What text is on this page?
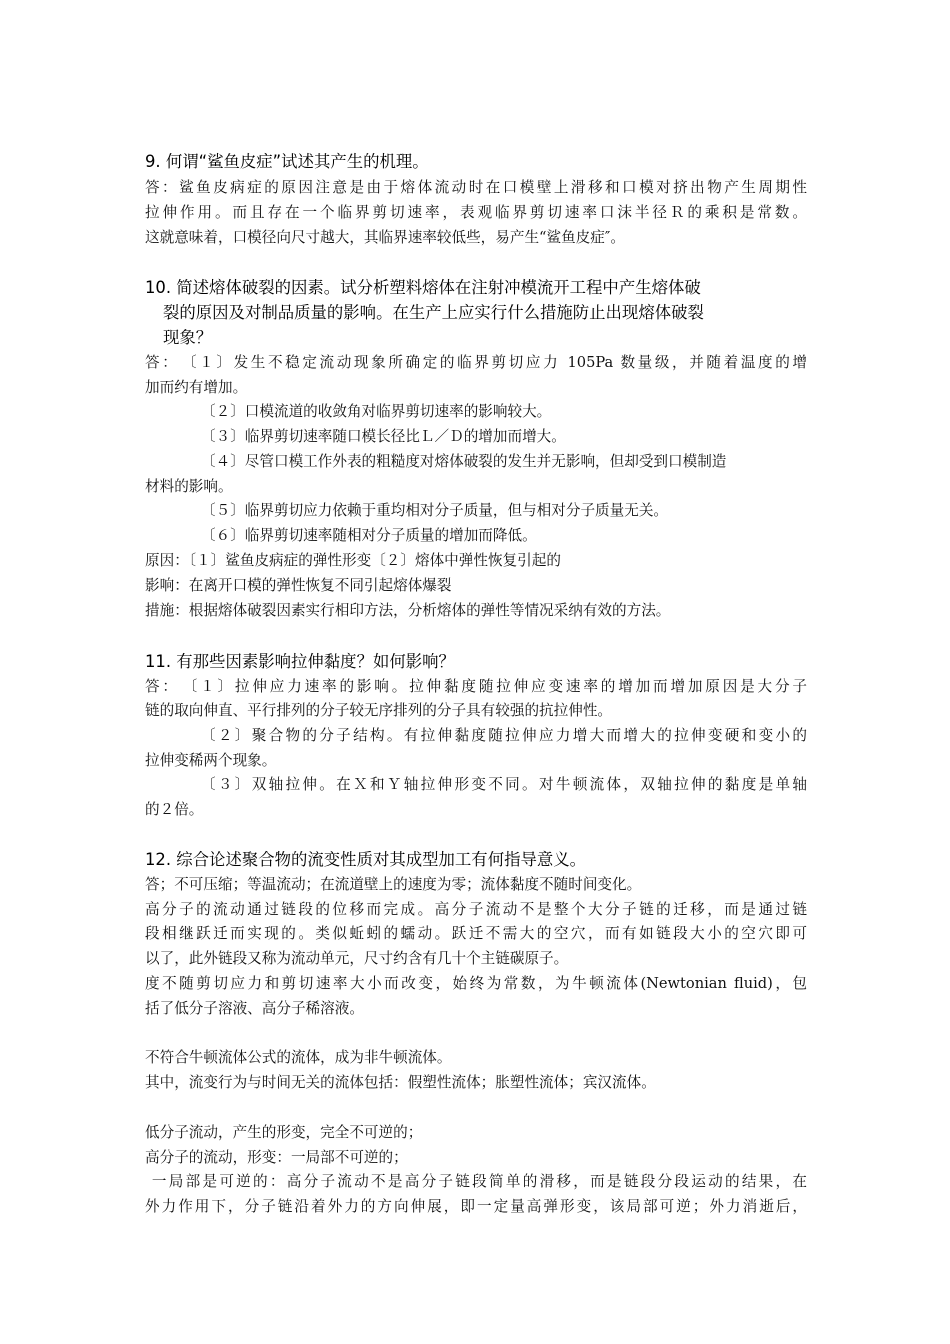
9. 何谓“鲨鱼皮症”试述其产生的机理。
答：鲨鱼皮病症的原因注意是由于熔体流动时在口模壁上滑移和口模对挤出物产生周期性
拉伸作用。而且存在一个临界剪切速率，表观临界剪切速率口沫半径Ｒ的乘积是常数。
这就意味着，口模径向尺寸越大，其临界速率较低些，易产生“鲨鱼皮症″。
10. 简述熔体破裂的因素。试分析塑料熔体在注射冲模流开工程中产生熔体破
裂的原因及对制品质量的影响。在生产上应实行什么措施防止出现熔体破裂
现象？
答：　〔１〕发生不稳定流动现象所确定的临界剪切应力 105Pa 数量级，并随着温度的增
加而约有增加。
〔２〕口模流道的收敛角对临界剪切速率的影响较大。
〔３〕临界剪切速率随口模长径比Ｌ／Ｄ的增加而增大。
〔４〕尽管口模工作外表的粗糙度对熔体破裂的发生并无影响，但却受到口模制造
材料的影响。
〔５〕临界剪切应力依赖于重均相对分子质量，但与相对分子质量无关。
〔６〕临界剪切速率随相对分子质量的增加而降低。
原因：〔１〕鲨鱼皮病症的弹性形变〔２〕熔体中弹性恢复引起的
影响：在离开口模的弹性恢复不同引起熔体爆裂
措施：根据熔体破裂因素实行相印方法，分析熔体的弹性等情况采纳有效的方法。
11. 有那些因素影响拉伸黏度？如何影响？
答：　〔１〕拉伸应力速率的影响。拉伸黏度随拉伸应变速率的增加而增加原因是大分子
链的取向伸直、平行排列的分子较无序排列的分子具有较强的抗拉伸性。
〔２〕聚合物的分子结构。有拉伸黏度随拉伸应力增大而增大的拉伸变硬和变小的
拉伸变稀两个现象。
〔３〕双轴拉伸。在Ｘ和Ｙ轴拉伸形变不同。对牛顿流体，双轴拉伸的黏度是单轴
的２倍。
12. 综合论述聚合物的流变性质对其成型加工有何指导意义。
答；不可压缩；等温流动；在流道壁上的速度为零；流体黏度不随时间变化。
高分子的流动通过链段的位移而完成。高分子流动不是整个大分子链的迁移，而是通过链
段相继跃迁而实现的。类似蚯蚓的蠕动。跃迁不需大的空穴，而有如链段大小的空穴即可
以了，此外链段又称为流动单元，尺寸约含有几十个主链碳原子。
度不随剪切应力和剪切速率大小而改变，始终为常数，为牛顿流体(Newtonian fluid)，包
括了低分子溶液、高分子稀溶液。
不符合牛顿流体公式的流体，成为非牛顿流体。
其中，流变行为与时间无关的流体包括：假塑性流体；胀塑性流体；宾汉流体。
低分子流动，产生的形变，完全不可逆的；
高分子的流动，形变：一局部不可逆的；
一局部是可逆的：高分子流动不是高分子链段简单的滑移，而是链段分段运动的结果，在
外力作用下，分子链沿着外力的方向伸展，即一定量高弹形变，该局部可逆；外力消逝后，
